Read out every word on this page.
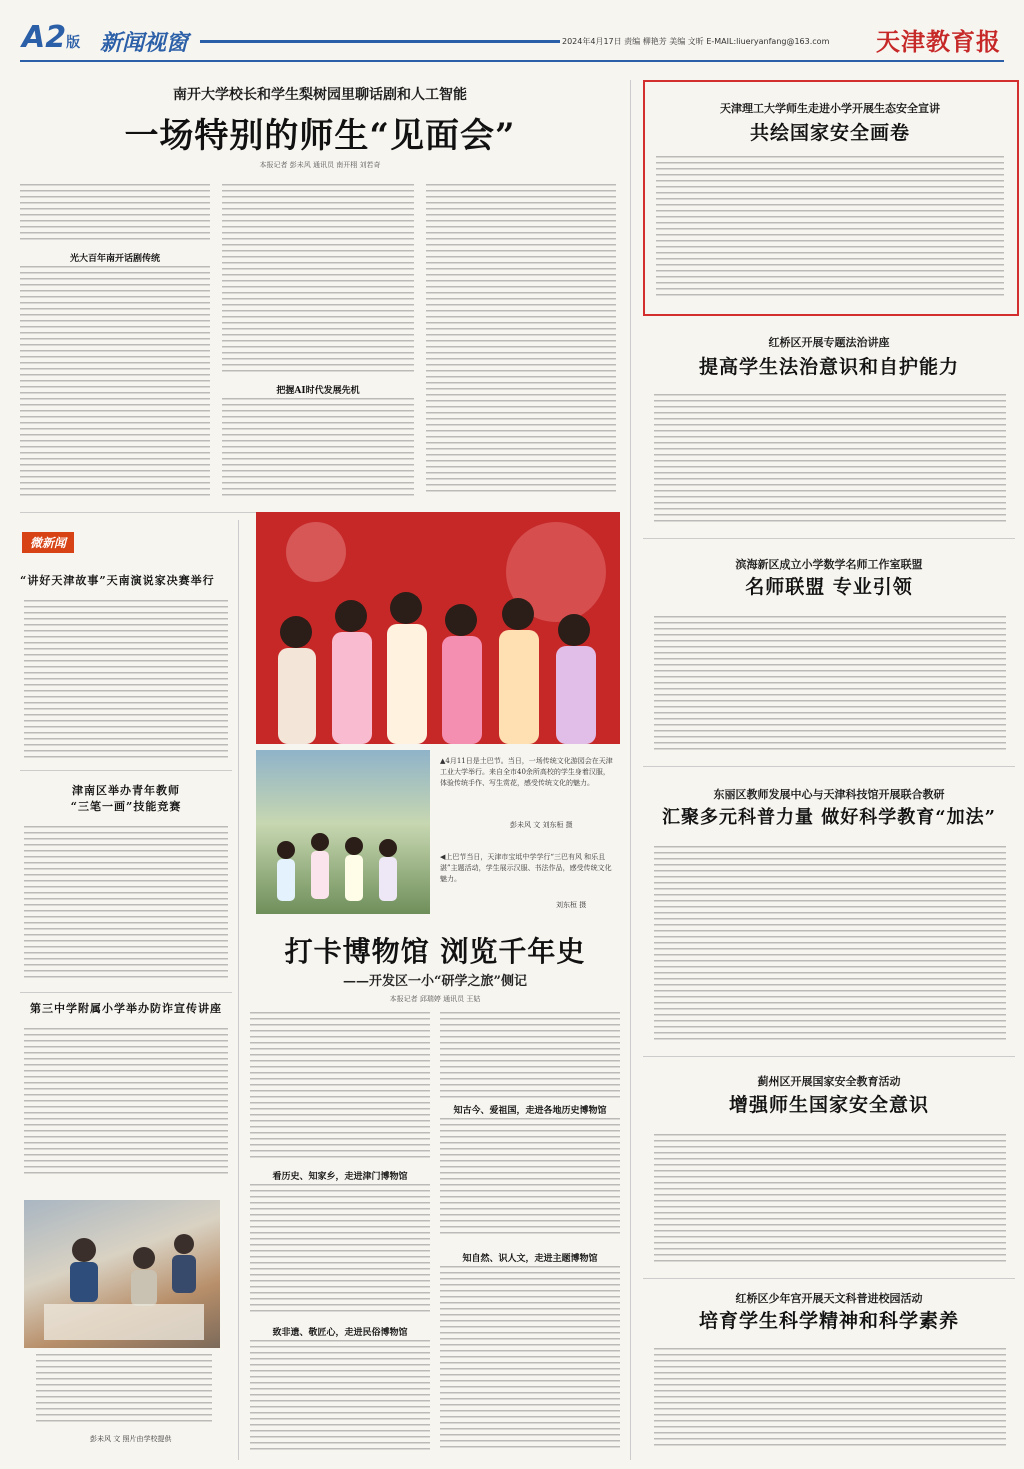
A2版 新闻视窗	2024年4月17日 责编 柳艳芳 美编 文昕 E-MAIL:liueryanfang@163.com 天津教育报
南开大学校长和学生梨树园里聊话剧和人工智能
一场特别的师生“见面会”
本报记者 彭未风 通讯员 南开栩 刘若奇
光大百年南开话剧传统
把握AI时代发展先机
天津理工大学师生走进小学开展生态安全宣讲
共绘国家安全画卷
红桥区开展专题法治讲座
提高学生法治意识和自护能力
滨海新区成立小学数学名师工作室联盟
名师联盟 专业引领
东丽区教师发展中心与天津科技馆开展联合教研
汇聚多元科普力量 做好科学教育“加法”
蓟州区开展国家安全教育活动
增强师生国家安全意识
红桥区少年宫开展天文科普进校园活动
培育学生科学精神和科学素养
微新闻
“讲好天津故事”天南演说家决赛举行
津南区举办青年教师
“三笔一画”技能竞赛
第三中学附属小学举办防诈宣传讲座
彭未风 文 照片由学校提供
▲4月11日是土巴节。当日，一场传统文化游园会在天津工业大学举行。来自全市40余所高校的学生身着汉服，体验传统手作、写生赏花，感受传统文化的魅力。
彭未风 文 刘东桓 摄
◀上巴节当日，天津市宝坻中学学行“三巴有风 和乐且湛”主题活动，学生展示汉服、书法作品，感受传统文化魅力。
刘东桓 摄
打卡博物馆 浏览千年史
——开发区一小“研学之旅”侧记
本报记者 邱瑞婷 通讯员 王姑
看历史、知家乡，走进津门博物馆
致非遗、敬匠心，走进民俗博物馆
知古今、爱祖国，走进各地历史博物馆
知自然、识人文，走进主题博物馆
